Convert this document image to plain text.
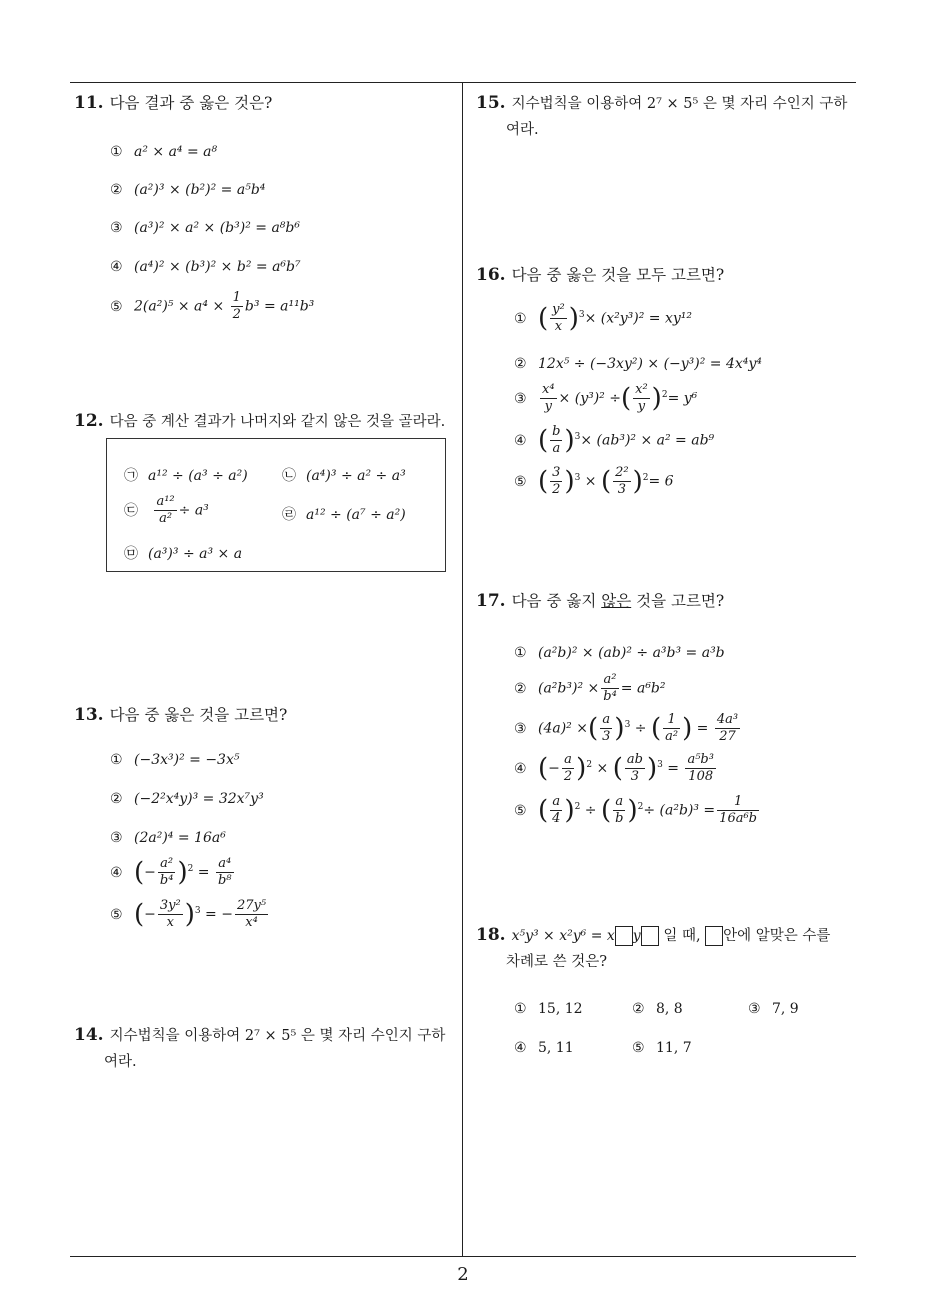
11. 다음 결과 중 옳은 것은?
① a² × a⁴ = a⁸
② (a²)³ × (b²)² = a⁵b⁴
③ (a³)² × a² × (b³)² = a⁸b⁶
④ (a⁴)² × (b³)² × b² = a⁶b⁷
⑤ $2(a^2)^5 \times a^4 \times \frac{1}{2} b^3 = a^{11}b^3$
12. 다음 중 계산 결과가 나머지와 같지 않은 것을 골라라.
㉠ a¹² ÷ (a³ ÷ a²) ㉡ (a⁴)³ ÷ a² ÷ a³
㉢ $\frac{\text{a¹²}}{\text{a²}} \div a^3$	㉣ a¹² ÷ (a⁷ ÷ a²)
㉤ (a³)³ ÷ a³ × a
13. 다음 중 옳은 것을 고르면?
① (−3x³)² = −3x⁵
② (−2²x⁴y)³ = 32x⁷y³
③ (2a²)⁴ = 16a⁶
④ (− $\frac{\text{a²}}{\text{b⁴}} )^2 = \frac{\text{a⁴}}{\text{b⁸}}$
⑤ (− $\frac{\text{3y²}}{x} )^3$ = − $\frac{\text{27y⁵}}{\text{x⁴}}$
14. 지수법칙을 이용하여 2⁷ × 5⁵ 은 몇 자리 수인지 구하
여라.
15. 지수법칙을 이용하여 2⁷ × 5⁵ 은 몇 자리 수인지 구하
여라.
16. 다음 중 옳은 것을 모두 고르면?
① ( $\frac{\text{y²}}{x} )^3\times (x^2y^3)^2 = xy^{12}$
② 12x⁵ ÷ (−3xy²) × (−y³)² = 4x⁴y⁴
③ $\frac{\text{x⁴}}{y} \times (y^3)^2$ ÷( $\frac{\text{x²}}{y} )^2= y^6$
④ ( $\frac{b}{a} )^3\times (ab^3)^2 \times a^2 = ab^9$
⑤ ( $\frac{3}{2} )^3$ × ( $\frac{\text{2²}}{3} )^2= 6$
17. 다음 중 옳지 않은 것을 고르면?
① (a²b)² × (ab)² ÷ a³b³ = a³b
② $(a^2b^3)^2 \times \frac{\text{a²}}{\text{b⁴}} = a^6b^2$
③ (4a)² ×( $\frac{a}{3} )^3$ ÷ ( $\frac{1}{\text{a²}}$ ) = $\frac{\text{4a³}}{27}$
④ (− $\frac{a}{2} )^2$ × ( $\frac{ab}{3} )^3 = \frac{\text{a⁵b³}}{108}$
⑤ ( $\frac{a}{4} )^2$ ÷ ( $\frac{a}{b} )^2\div (a^2b)^3 = \frac{1}{\text{16a⁶b}}$
18. x⁵y³ × x²y⁶ = x y 일 때, 안에 알맞은 수를
차례로 쓴 것은?
① 15, 12	② 8, 8	③ 7, 9
④ 5, 11	⑤ 11, 7
2
